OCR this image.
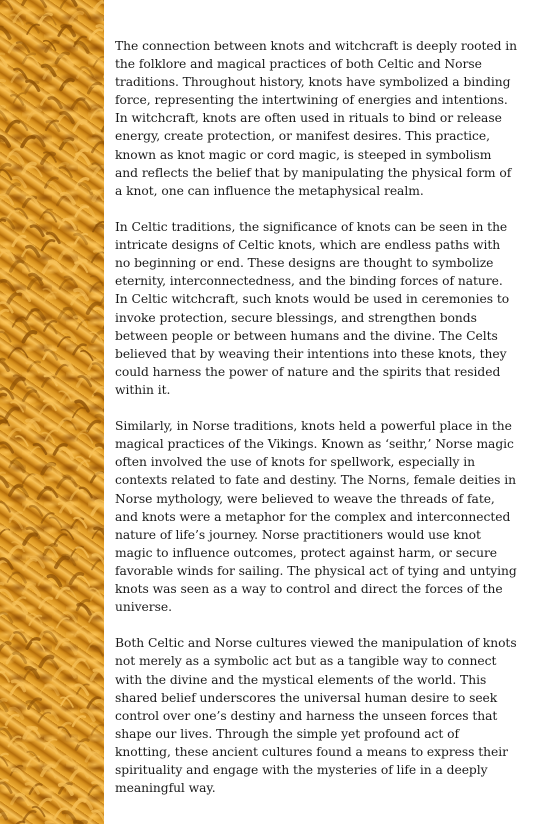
The connection between knots and witchcraft is deeply rooted in the folklore and magical practices of both Celtic and Norse traditions. Throughout history, knots have symbolized a binding force, representing the intertwining of energies and intentions. In witchcraft, knots are often used in rituals to bind or release energy, create protection, or manifest desires. This practice, known as knot magic or cord magic, is steeped in symbolism and reflects the belief that by manipulating the physical form of a knot, one can influence the metaphysical realm.

In Celtic traditions, the significance of knots can be seen in the intricate designs of Celtic knots, which are endless paths with no beginning or end. These designs are thought to symbolize eternity, interconnectedness, and the binding forces of nature. In Celtic witchcraft, such knots would be used in ceremonies to invoke protection, secure blessings, and strengthen bonds between people or between humans and the divine. The Celts believed that by weaving their intentions into these knots, they could harness the power of nature and the spirits that resided within it.

Similarly, in Norse traditions, knots held a powerful place in the magical practices of the Vikings. Known as ‘seithr,’ Norse magic often involved the use of knots for spellwork, especially in contexts related to fate and destiny. The Norns, female deities in Norse mythology, were believed to weave the threads of fate, and knots were a metaphor for the complex and interconnected nature of life’s journey. Norse practitioners would use knot magic to influence outcomes, protect against harm, or secure favorable winds for sailing. The physical act of tying and untying knots was seen as a way to control and direct the forces of the universe.

Both Celtic and Norse cultures viewed the manipulation of knots not merely as a symbolic act but as a tangible way to connect with the divine and the mystical elements of the world. This shared belief underscores the universal human desire to seek control over one’s destiny and harness the unseen forces that shape our lives. Through the simple yet profound act of knotting, these ancient cultures found a means to express their spirituality and engage with the mysteries of life in a deeply meaningful way.
